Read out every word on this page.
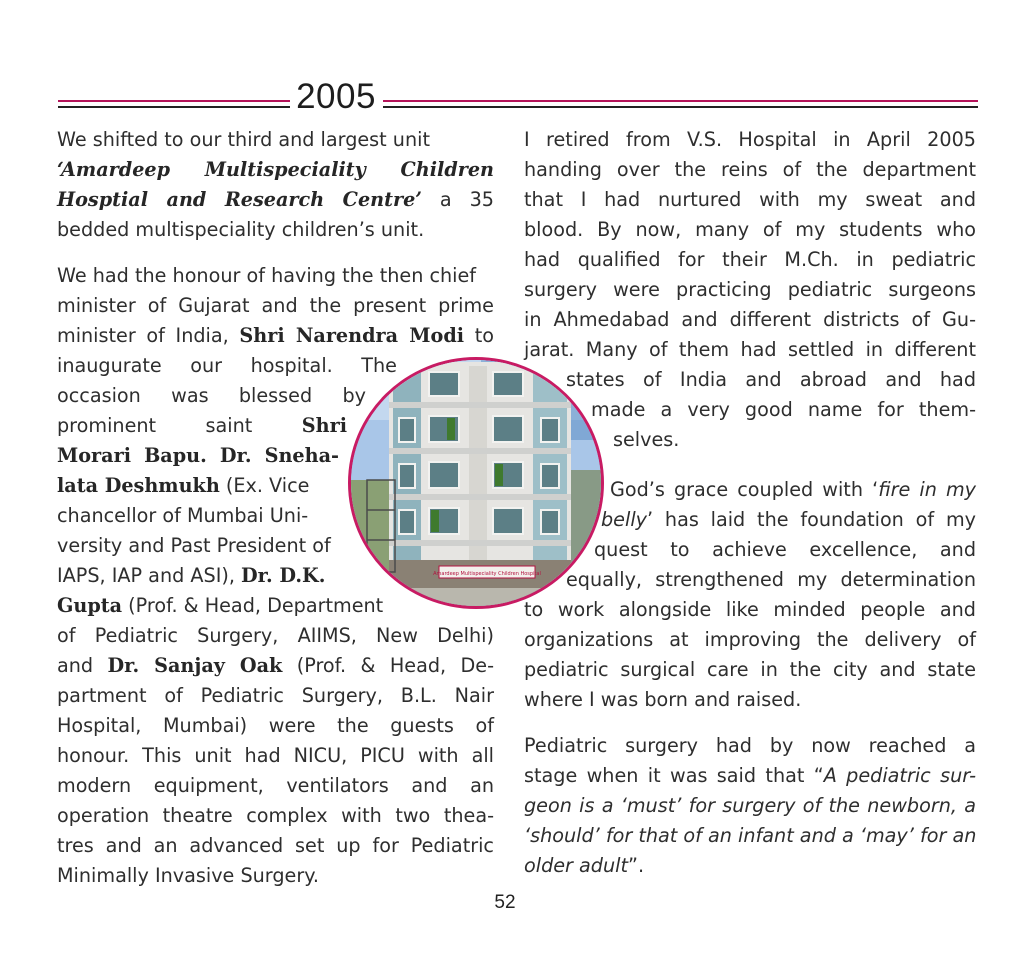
2005
We shifted to our third and largest unit
‘Amardeep Multispeciality Children
Hosptial and Research Centre’ a 35
bedded multispeciality children’s unit.
We had the honour of having the then chief
minister of Gujarat and the present prime
minister of India, Shri Narendra Modi to
inaugurate our hospital. The
occasion was blessed by
prominent saint Shri
Morari Bapu. Dr. Sneha-
lata Deshmukh (Ex. Vice
chancellor of Mumbai Uni-
versity and Past President of
IAPS, IAP and ASI), Dr. D.K.
Gupta (Prof. & Head, Department
of Pediatric Surgery, AIIMS, New Delhi)
and Dr. Sanjay Oak (Prof. & Head, De-
partment of Pediatric Surgery, B.L. Nair
Hospital, Mumbai) were the guests of
honour. This unit had NICU, PICU with all
modern equipment, ventilators and an
operation theatre complex with two thea-
tres and an advanced set up for Pediatric
Minimally Invasive Surgery.
I retired from V.S. Hospital in April 2005
handing over the reins of the department
that I had nurtured with my sweat and
blood. By now, many of my students who
had qualified for their M.Ch. in pediatric
surgery were practicing pediatric surgeons
in Ahmedabad and different districts of Gu-
jarat. Many of them had settled in different
states of India and abroad and had
made a very good name for them-
selves.
God’s grace coupled with ‘fire in my
belly’ has laid the foundation of my
quest to achieve excellence, and
equally, strengthened my determination
to work alongside like minded people and
organizations at improving the delivery of
pediatric surgical care in the city and state
where I was born and raised.
Pediatric surgery had by now reached a
stage when it was said that “A pediatric sur-
geon is a ‘must’ for surgery of the newborn, a
‘should’ for that of an infant and a ‘may’ for an
older adult”.
Amardeep Multispeciality Children Hospital
52
